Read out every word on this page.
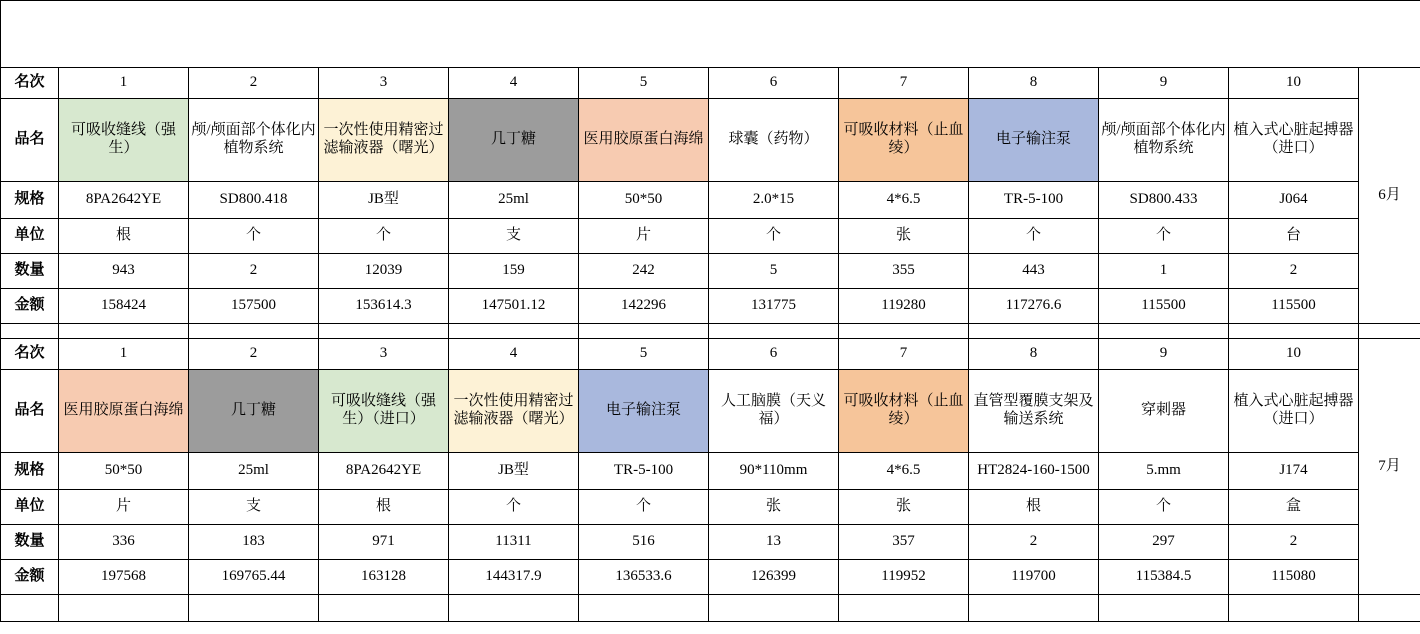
2018年漯河市中心医院重点监控高值医用耗材使用“双十”统计表											
名次	1	2	3	4	5	6	7	8	9	10	6月
品名	可吸收缝线（强生）	颅/颅面部个体化内植物系统	一次性使用精密过滤输液器（曙光）	几丁糖	医用胶原蛋白海绵	球囊（药物）	可吸收材料（止血绫）	电子输注泵	颅/颅面部个体化内植物系统	植入式心脏起搏器（进口）	
规格	8PA2642YE	SD800.418	JB型	25ml	50*50	2.0*15	4*6.5	TR-5-100	SD800.433	J064	
单位	根	个	个	支	片	个	张	个	个	台	
数量	943	2	12039	159	242	5	355	443	1	2	
金额	158424	157500	153614.3	147501.12	142296	131775	119280	117276.6	115500	115500	

名次	1	2	3	4	5	6	7	8	9	10	7月
品名	医用胶原蛋白海绵	几丁糖	可吸收缝线（强生）（进口）	一次性使用精密过滤输液器（曙光）	电子输注泵	人工脑膜（天义福）	可吸收材料（止血绫）	直管型覆膜支架及输送系统	穿刺器	植入式心脏起搏器（进口）	
规格	50*50	25ml	8PA2642YE	JB型	TR-5-100	90*110mm	4*6.5	HT2824-160-1500	5.mm	J174	
单位	片	支	根	个	个	张	张	根	个	盒	
数量	336	183	971	11311	516	13	357	2	297	2	
金额	197568	169765.44	163128	144317.9	136533.6	126399	119952	119700	115384.5	115080	
